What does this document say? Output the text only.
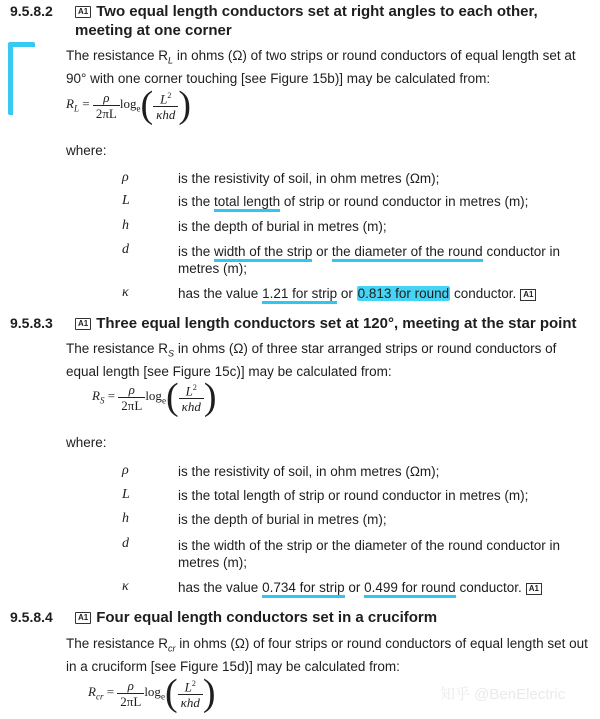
9.5.8.2	A1 Two equal length conductors set at right angles to each other, meeting at one corner
The resistance $R_L$ in ohms (Ω) of two strips or round conductors of equal length set at 90° with one corner touching [see Figure 15b)] may be calculated from:
$R_L = \frac{\rho}{2\pi L} \log_e$( $L^2$
κhd )
where:
ρ	is the resistivity of soil, in ohm metres (Ωm);
L	is the total length of strip or round conductor in metres (m);
h	is the depth of burial in metres (m);
d	is the width of the strip or the diameter of the round conductor in metres (m);
κ	has the value 1.21 for strip or 0.813 for round conductor. A1
9.5.8.3	A1 Three equal length conductors set at 120°, meeting at the star point
The resistance $R_S$ in ohms (Ω) of three star arranged strips or round conductors of equal length [see Figure 15c)] may be calculated from:
$R_S = \frac{\rho}{2\pi L} \log_e$( $L^2$
κhd )
where:
ρ	is the resistivity of soil, in ohm metres (Ωm);
L	is the total length of strip or round conductor in metres (m);
h	is the depth of burial in metres (m);
d	is the width of the strip or the diameter of the round conductor in metres (m);
κ	has the value 0.734 for strip or 0.499 for round conductor. A1
9.5.8.4	A1 Four equal length conductors set in a cruciform
The resistance $R_{cr}$ in ohms (Ω) of four strips or round conductors of equal length set out in a cruciform [see Figure 15d)] may be calculated from:
$R_{cr} = \frac{\rho}{2\pi L} \log_e$( $L^2$
κhd )	知乎 @BenElectric
